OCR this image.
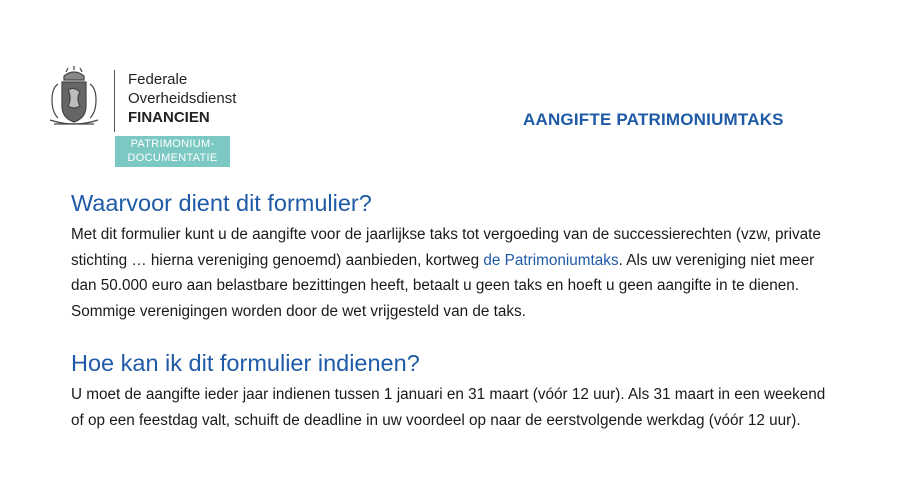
Federale
Overheidsdienst
FINANCIEN
PATRIMONIUM-
DOCUMENTATIE
AANGIFTE PATRIMONIUMTAKS
Waarvoor dient dit formulier?

Met dit formulier kunt u de aangifte voor de jaarlijkse taks tot vergoeding van de successierechten (vzw, private stichting … hierna vereniging genoemd) aanbieden, kortweg de Patrimoniumtaks. Als uw vereniging niet meer dan 50.000 euro aan belastbare bezittingen heeft, betaalt u geen taks en hoeft u geen aangifte in te dienen. Sommige verenigingen worden door de wet vrijgesteld van de taks.

Hoe kan ik dit formulier indienen?

U moet de aangifte ieder jaar indienen tussen 1 januari en 31 maart (vóór 12 uur). Als 31 maart in een weekend of op een feestdag valt, schuift de deadline in uw voordeel op naar de eerstvolgende werkdag (vóór 12 uur).
